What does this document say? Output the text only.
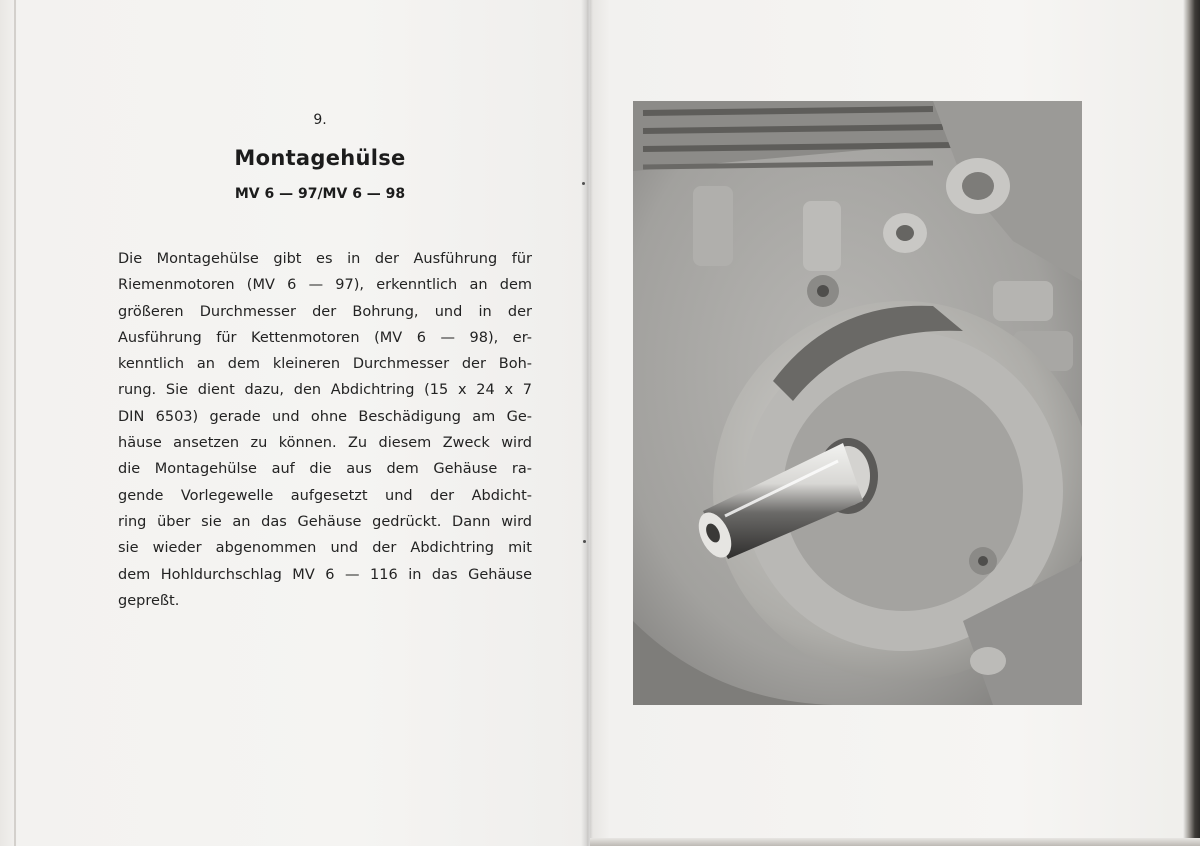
9.
Montagehülse
MV 6 — 97/MV 6 — 98
Die Montagehülse gibt es in der Ausführung für
Riemenmotoren (MV 6 — 97), erkenntlich an dem
größeren Durchmesser der Bohrung, und in der
Ausführung für Kettenmotoren (MV 6 — 98), er-
kenntlich an dem kleineren Durchmesser der Boh-
rung. Sie dient dazu, den Abdichtring (15 x 24 x 7
DIN 6503) gerade und ohne Beschädigung am Ge-
häuse ansetzen zu können. Zu diesem Zweck wird
die Montagehülse auf die aus dem Gehäuse ra-
gende Vorlegewelle aufgesetzt und der Abdicht-
ring über sie an das Gehäuse gedrückt. Dann wird
sie wieder abgenommen und der Abdichtring mit
dem Hohldurchschlag MV 6 — 116 in das Gehäuse
gepreßt.
